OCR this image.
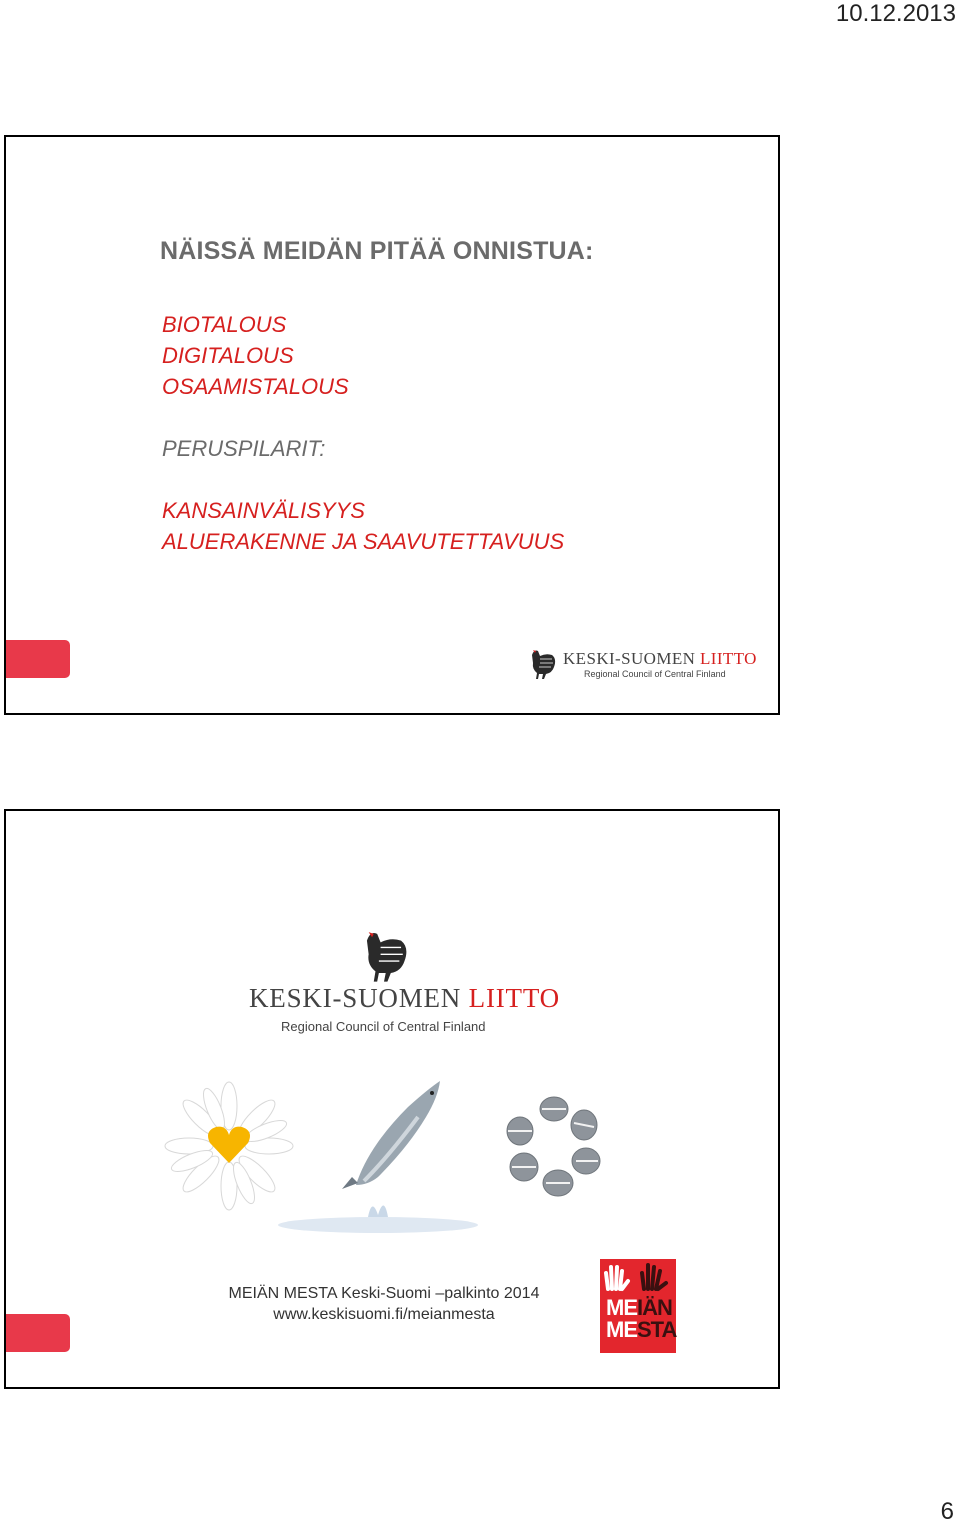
10.12.2013
NÄISSÄ MEIDÄN PITÄÄ ONNISTUA:
BIOTALOUS
DIGITALOUS
OSAAMISTALOUS
PERUSPILARIT:
KANSAINVÄLISYYS
ALUERAKENNE JA SAAVUTETTAVUUS
KESKI-SUOMEN LIITTO
Regional Council of Central Finland
KESKI-SUOMEN LIITTO
Regional Council of Central Finland
MEIÄN MESTA Keski-Suomi –palkinto 2014
www.keskisuomi.fi/meianmesta	MEIÄN
MESTA
6
